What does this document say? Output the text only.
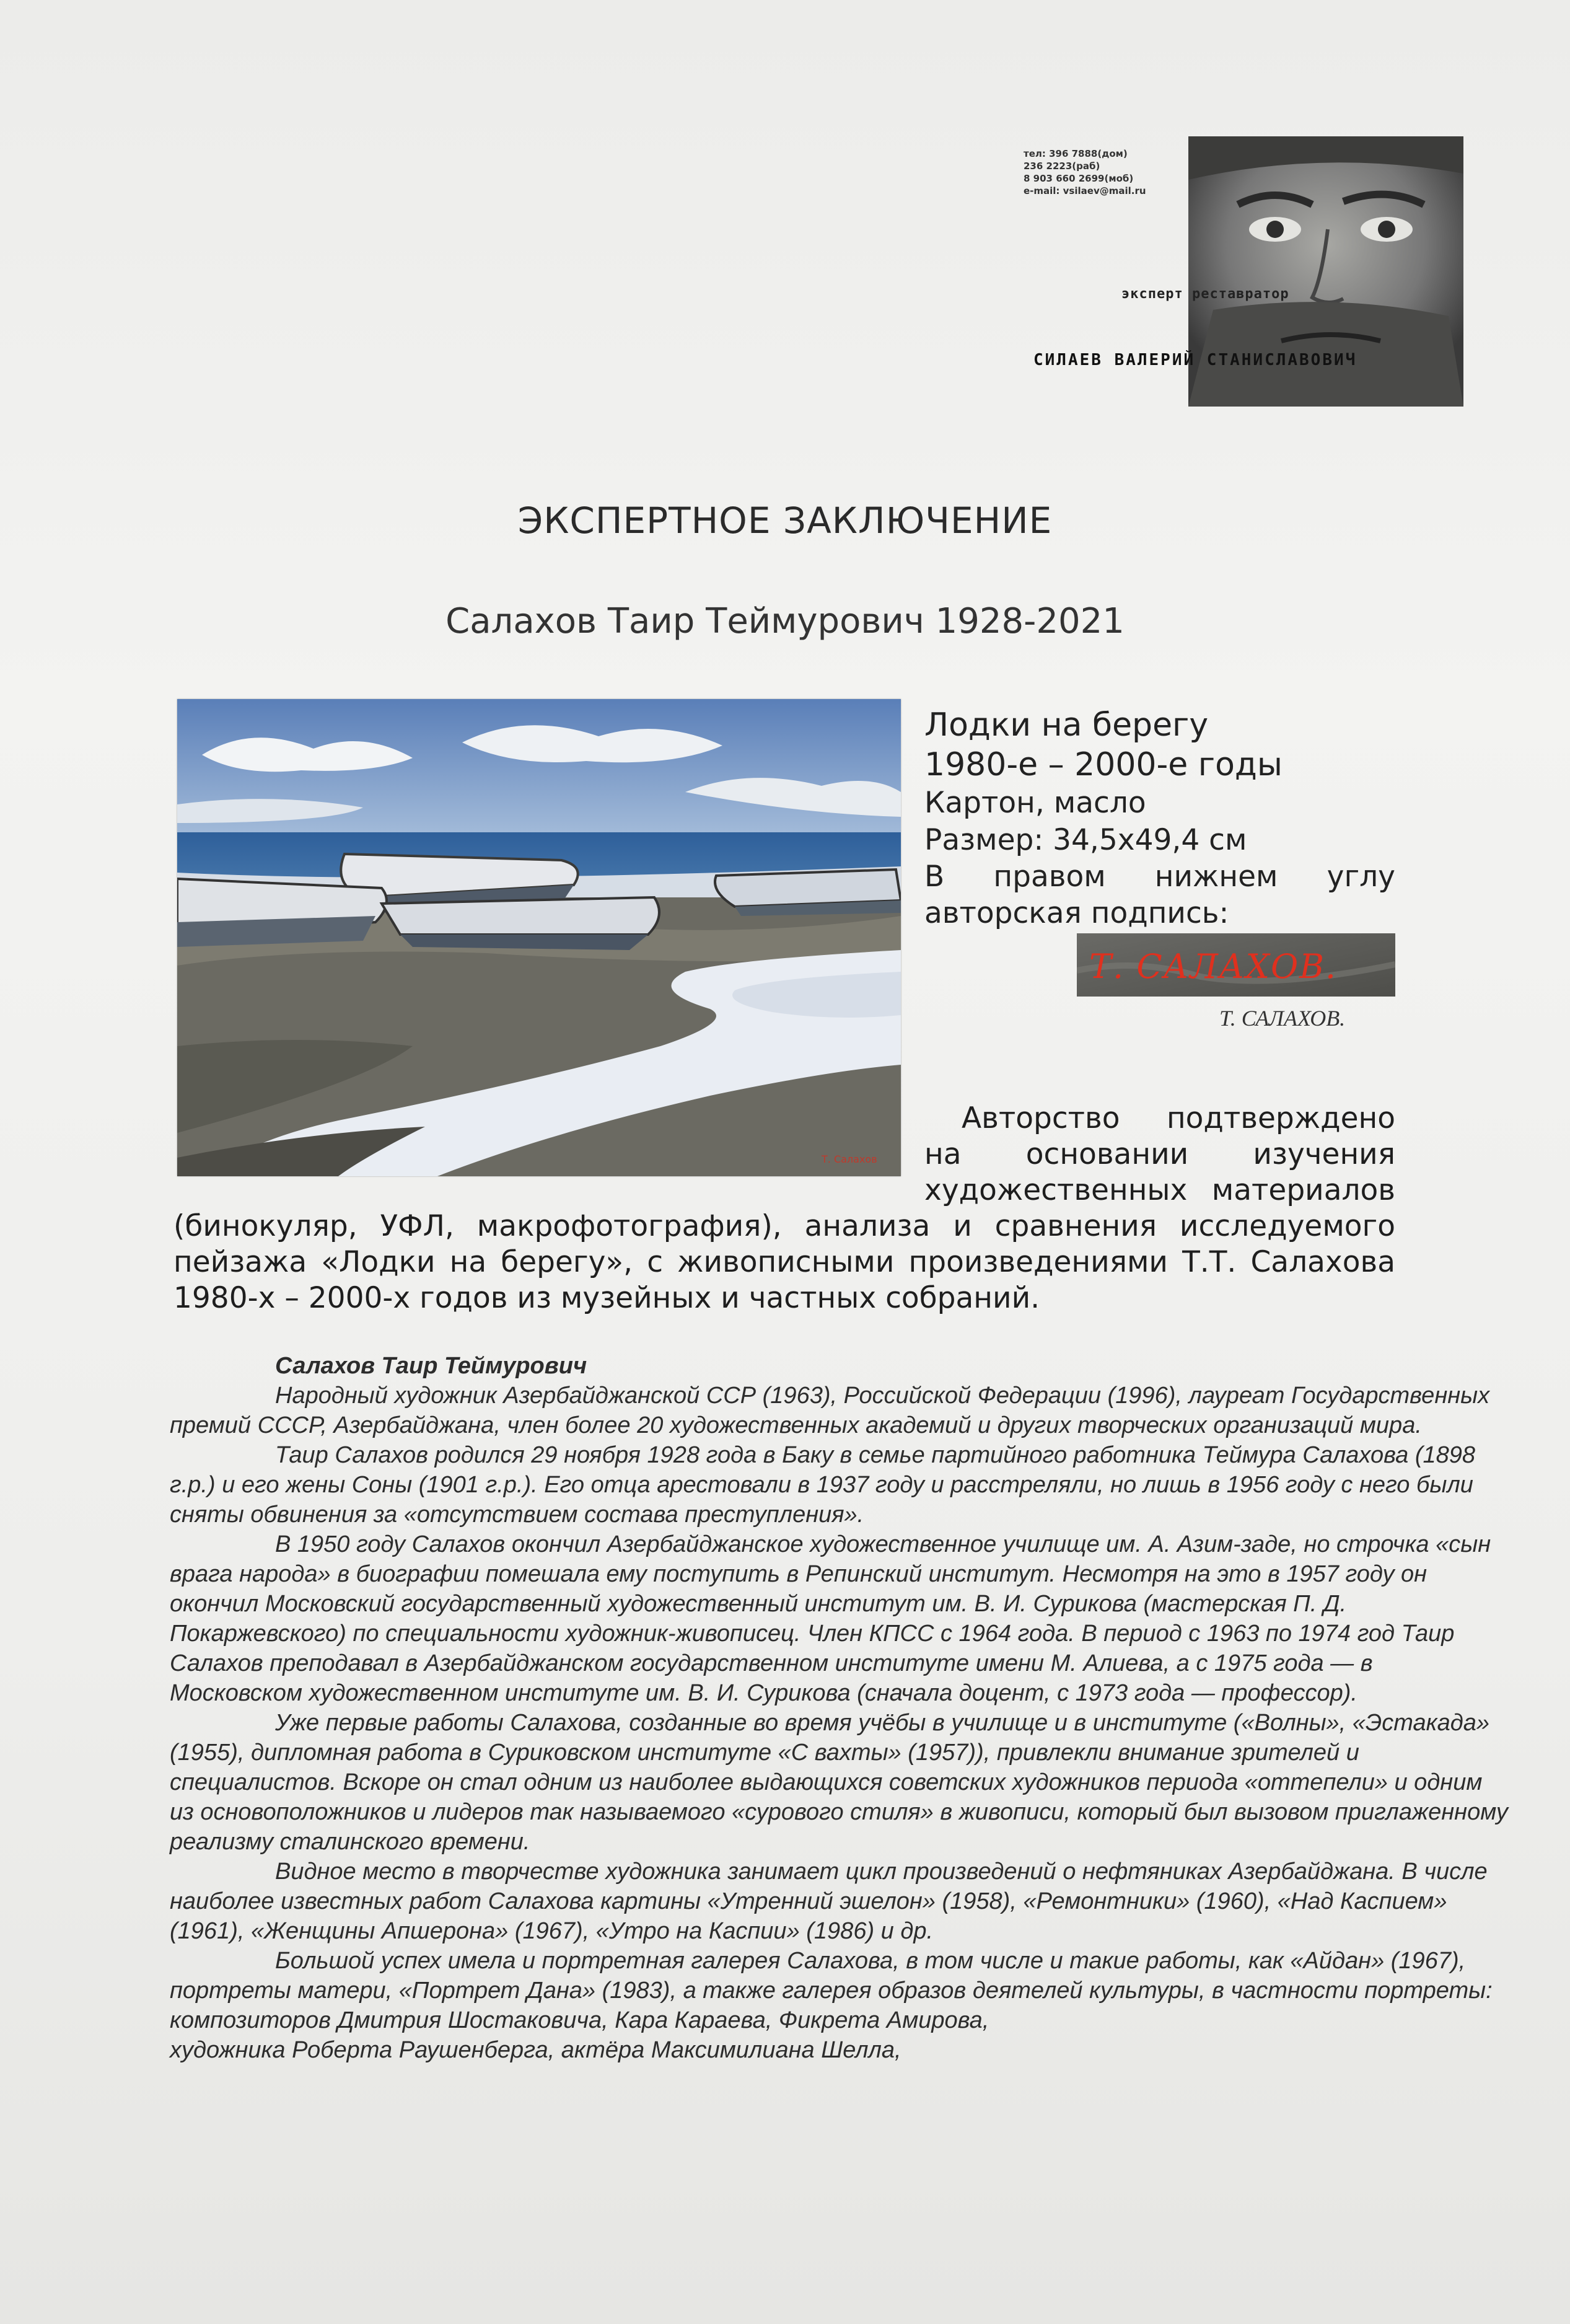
тел: 396 7888(дом)
236 2223(раб)
8 903 660 2699(моб)
e-mail: vsilaev@mail.ru
эксперт реставратор
СИЛАЕВ ВАЛЕРИЙ СТАНИСЛАВОВИЧ
ЭКСПЕРТНОЕ ЗАКЛЮЧЕНИЕ
Салахов Таир Теймурович 1928-2021
Т. Салахов
Лодки на берегу
1980-е – 2000-е годы
Картон, масло
Размер: 34,5х49,4 см
В правом нижнем углу
авторская подпись:
Т. САЛАХОВ.
Т. САЛАХОВ.
Авторство подтверждено на основании изучения художественных материалов (бинокуляр, УФЛ, макрофотография), анализа и сравнения исследуемого пейзажа «Лодки на берегу», с живописными произведениями Т.Т. Салахова 1980-х – 2000-х годов из музейных и частных собраний.

Салахов Таир Теймурович

Народный художник Азербайджанской ССР (1963), Российской Федерации (1996), лауреат Государственных премий СССР, Азербайджана, член более 20 художественных академий и других творческих организаций мира.

Таир Салахов родился 29 ноября 1928 года в Баку в семье партийного работника Теймура Салахова (1898 г.р.) и его жены Соны (1901 г.р.). Его отца арестовали в 1937 году и расстреляли, но лишь в 1956 году с него были сняты обвинения за «отсутствием состава преступления».

В 1950 году Салахов окончил Азербайджанское художественное училище им. А. Азим-заде, но строчка «сын врага народа» в биографии помешала ему поступить в Репинский институт. Несмотря на это в 1957 году он окончил Московский государственный художественный институт им. В. И. Сурикова (мастерская П. Д. Покаржевского) по специальности художник-живописец. Член КПСС с 1964 года. В период с 1963 по 1974 год Таир Салахов преподавал в Азербайджанском государственном институте имени М. Алиева, а с 1975 года — в Московском художественном институте им. В. И. Сурикова (сначала доцент, с 1973 года — профессор).

Уже первые работы Салахова, созданные во время учёбы в училище и в институте («Волны», «Эстакада» (1955), дипломная работа в Суриковском институте «С вахты» (1957)), привлекли внимание зрителей и специалистов. Вскоре он стал одним из наиболее выдающихся советских художников периода «оттепели» и одним из основоположников и лидеров так называемого «сурового стиля» в живописи, который был вызовом приглаженному реализму сталинского времени.

Видное место в творчестве художника занимает цикл произведений о нефтяниках Азербайджана. В числе наиболее известных работ Салахова картины «Утренний эшелон» (1958), «Ремонтники» (1960), «Над Каспием» (1961), «Женщины Апшерона» (1967), «Утро на Каспии» (1986) и др.

Большой успех имела и портретная галерея Салахова, в том числе и такие работы, как «Айдан» (1967), портреты матери, «Портрет Дана» (1983), а также галерея образов деятелей культуры, в частности портреты:

композиторов Дмитрия Шостаковича, Кара Караева, Фикрета Амирова,

художника Роберта Раушенберга, актёра Максимилиана Шелла,
